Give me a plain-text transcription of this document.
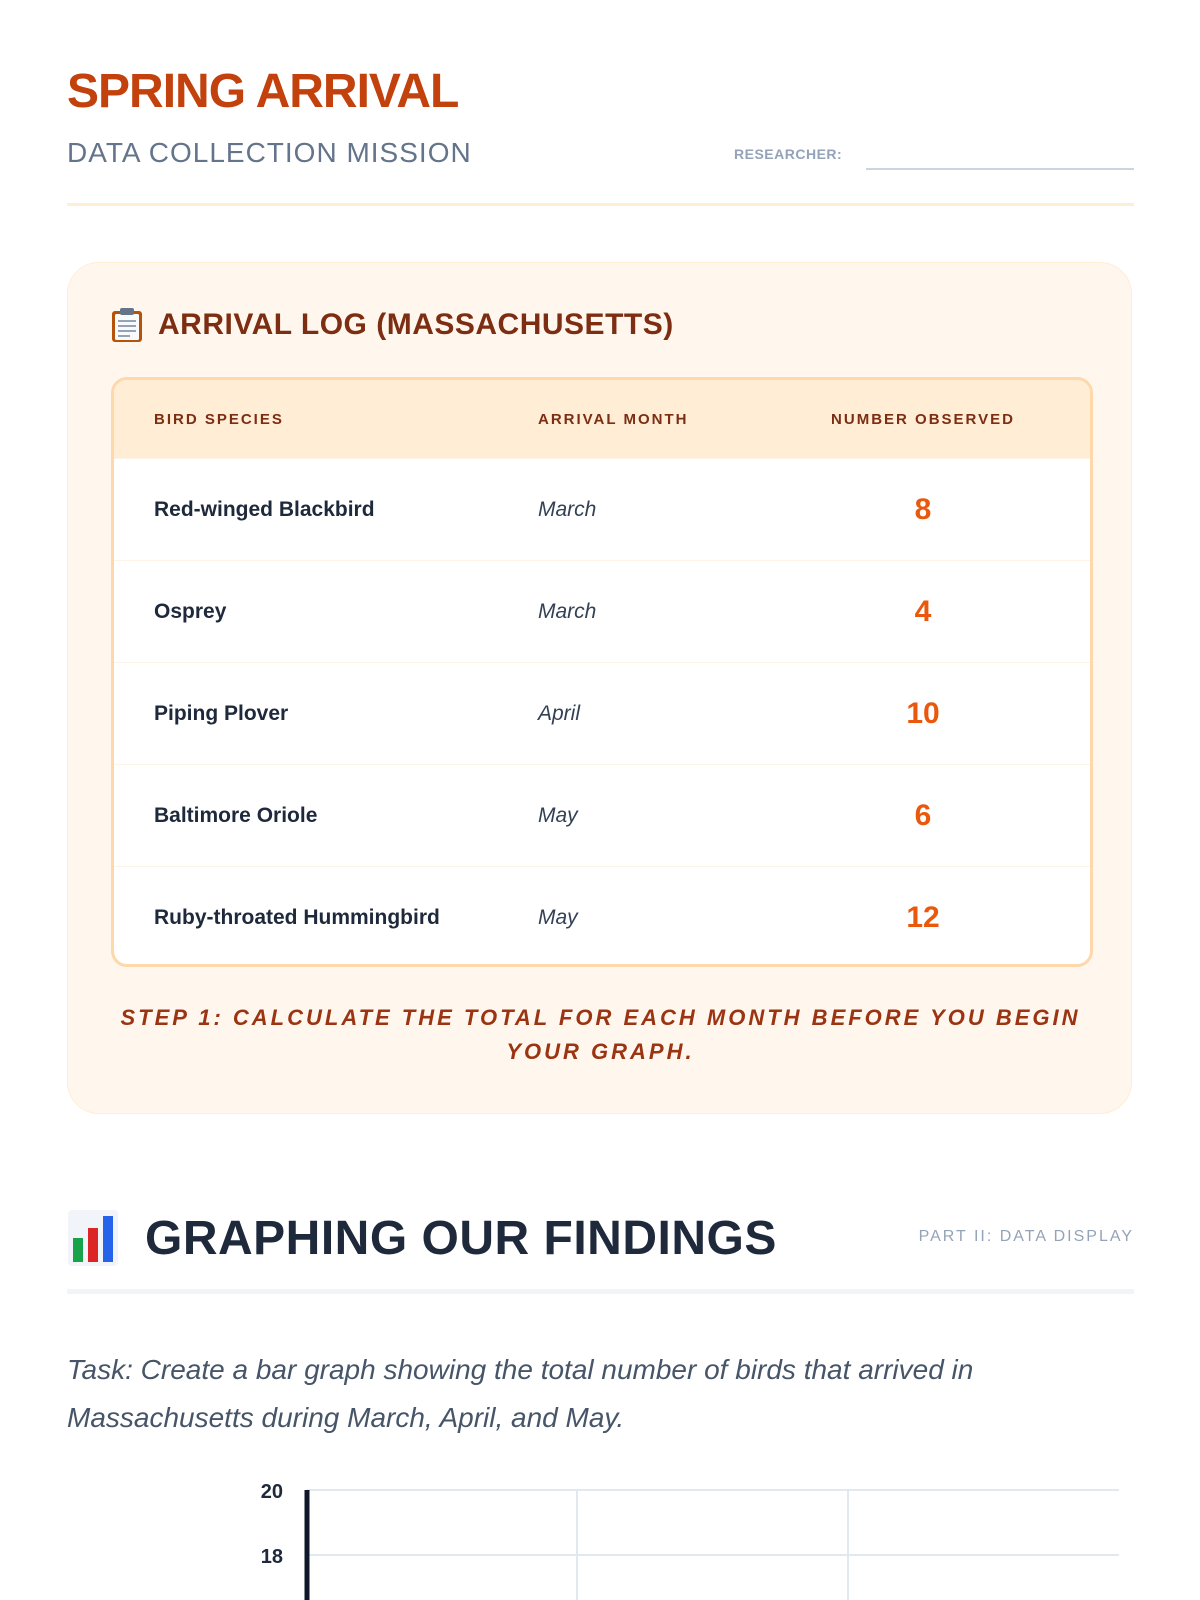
SPRING ARRIVAL
DATA COLLECTION MISSION	RESEARCHER:
ARRIVAL LOG (MASSACHUSETTS)
BIRD SPECIES	ARRIVAL MONTH	NUMBER OBSERVED
Red-winged Blackbird	March	8
Osprey	March	4
Piping Plover	April	10
Baltimore Oriole	May	6
Ruby-throated Hummingbird	May	12
STEP 1: CALCULATE THE TOTAL FOR EACH MONTH BEFORE YOU BEGIN YOUR GRAPH.
GRAPHING OUR FINDINGS	PART II: DATA DISPLAY

Task: Create a bar graph showing the total number of birds that arrived in Massachusetts during March, April, and May.

20
18
